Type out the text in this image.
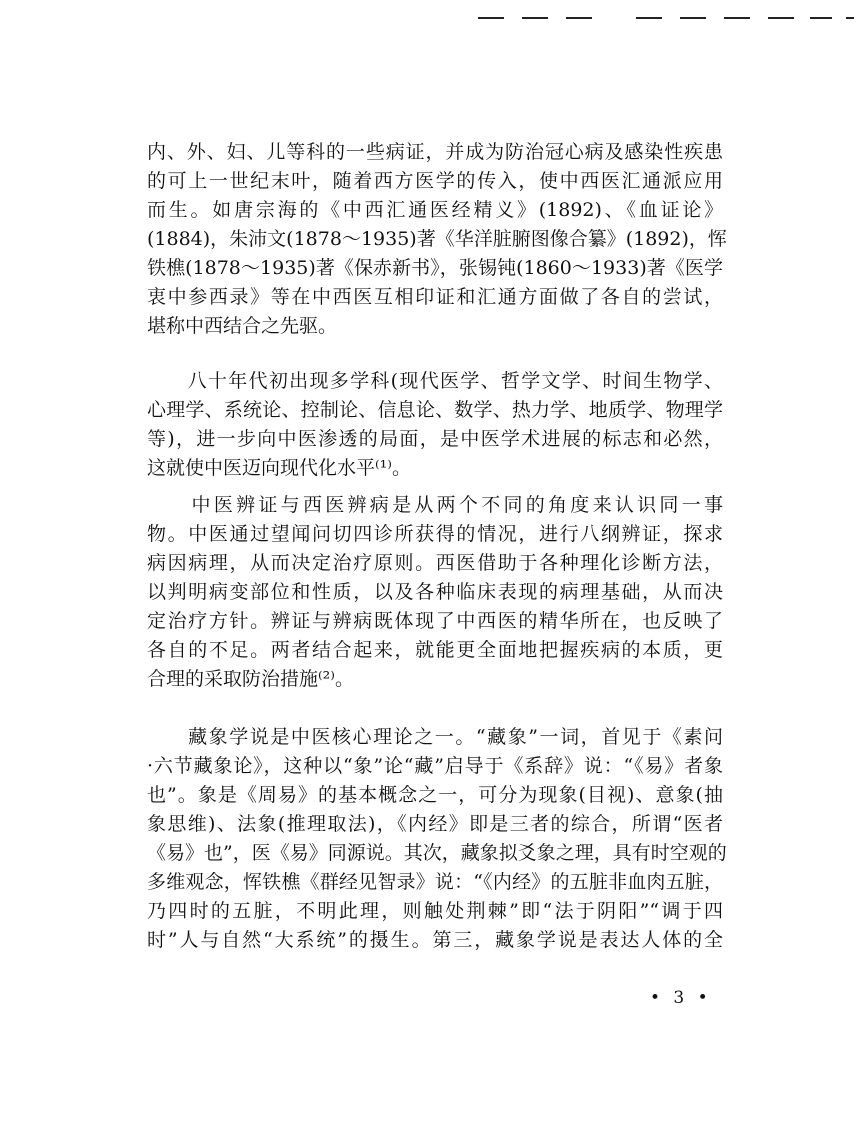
内、外、妇、儿等科的一些病证，并成为防治冠心病及感染性疾患
的可上一世纪末叶，随着西方医学的传入，使中西医汇通派应用
而生。如唐宗海的《中西汇通医经精义》(1892)、《血证论》
(1884)，朱沛文(1878～1935)著《华洋脏腑图像合纂》(1892)，恽
铁樵(1878～1935)著《保赤新书》，张锡钝(1860～1933)著《医学
衷中参西录》等在中西医互相印证和汇通方面做了各自的尝试，
堪称中西结合之先驱。
　　八十年代初出现多学科(现代医学、哲学文学、时间生物学、
心理学、系统论、控制论、信息论、数学、热力学、地质学、物理学
等)，进一步向中医渗透的局面，是中医学术进展的标志和必然，
这就使中医迈向现代化水平⁽¹⁾。
　　中医辨证与西医辨病是从两个不同的角度来认识同一事
物。中医通过望闻问切四诊所获得的情况，进行八纲辨证，探求
病因病理，从而决定治疗原则。西医借助于各种理化诊断方法，
以判明病变部位和性质，以及各种临床表现的病理基础，从而决
定治疗方针。辨证与辨病既体现了中西医的精华所在，也反映了
各自的不足。两者结合起来，就能更全面地把握疾病的本质，更
合理的采取防治措施⁽²⁾。
　　藏象学说是中医核心理论之一。“藏象”一词，首见于《素问
·六节藏象论》，这种以“象”论“藏”启导于《系辞》说：“《易》者象
也”。象是《周易》的基本概念之一，可分为现象(目视)、意象(抽
象思维)、法象(推理取法)，《内经》即是三者的综合，所谓“医者
《易》也”，医《易》同源说。其次，藏象拟爻象之理，具有时空观的
多维观念，恽铁樵《群经见智录》说：“《内经》的五脏非血肉五脏，
乃四时的五脏，不明此理，则触处荆棘”即“法于阴阳”“调于四
时”人与自然“大系统”的摄生。第三，藏象学说是表达人体的全
• 3 •
